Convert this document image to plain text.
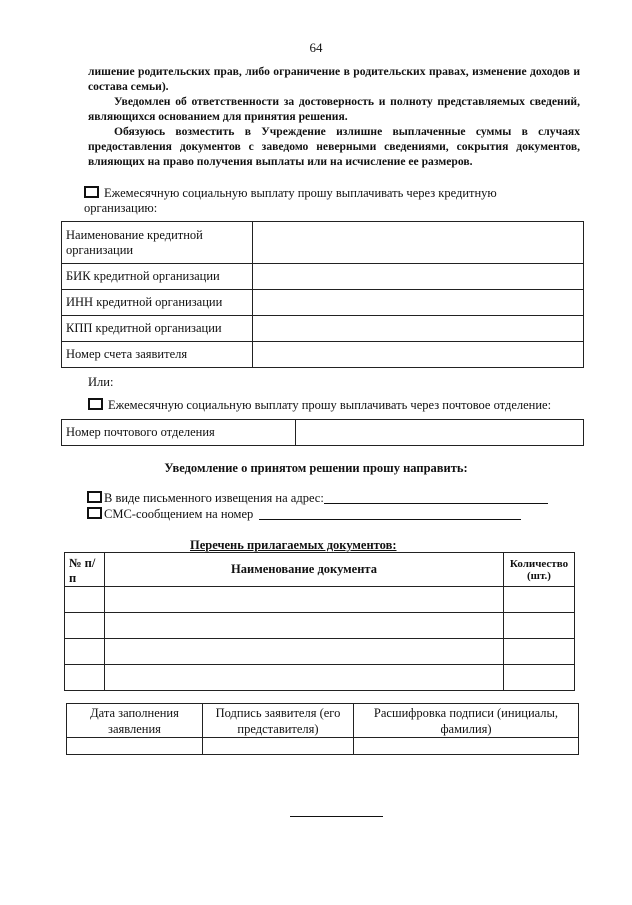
64

лишение родительских прав, либо ограничение в родительских правах, изменение доходов и состава семьи).

Уведомлен об ответственности за достоверность и полноту представляемых сведений, являющихся основанием для принятия решения.

Обязуюсь возместить в Учреждение излишне выплаченные суммы в случаях предоставления документов с заведомо неверными сведениями, сокрытия документов, влияющих на право получения выплаты или на исчисление ее размеров.

Ежемесячную социальную выплату прошу выплачивать через кредитную организацию:
Наименование кредитной организации	
БИК кредитной организации	
ИНН кредитной организации	
КПП кредитной организации	
Номер счета заявителя	
Или:
Ежемесячную социальную выплату прошу выплачивать через почтовое отделение:
Номер почтового отделения	
Уведомление о принятом решении прошу направить:
В виде письменного извещения на адрес:
СМС-сообщением на номер
Перечень прилагаемых документов:
№ п/п	Наименование документа	Количество (шт.)

Дата заполнения заявления	Подпись заявителя (его представителя)	Расшифровка подписи (инициалы, фамилия)
